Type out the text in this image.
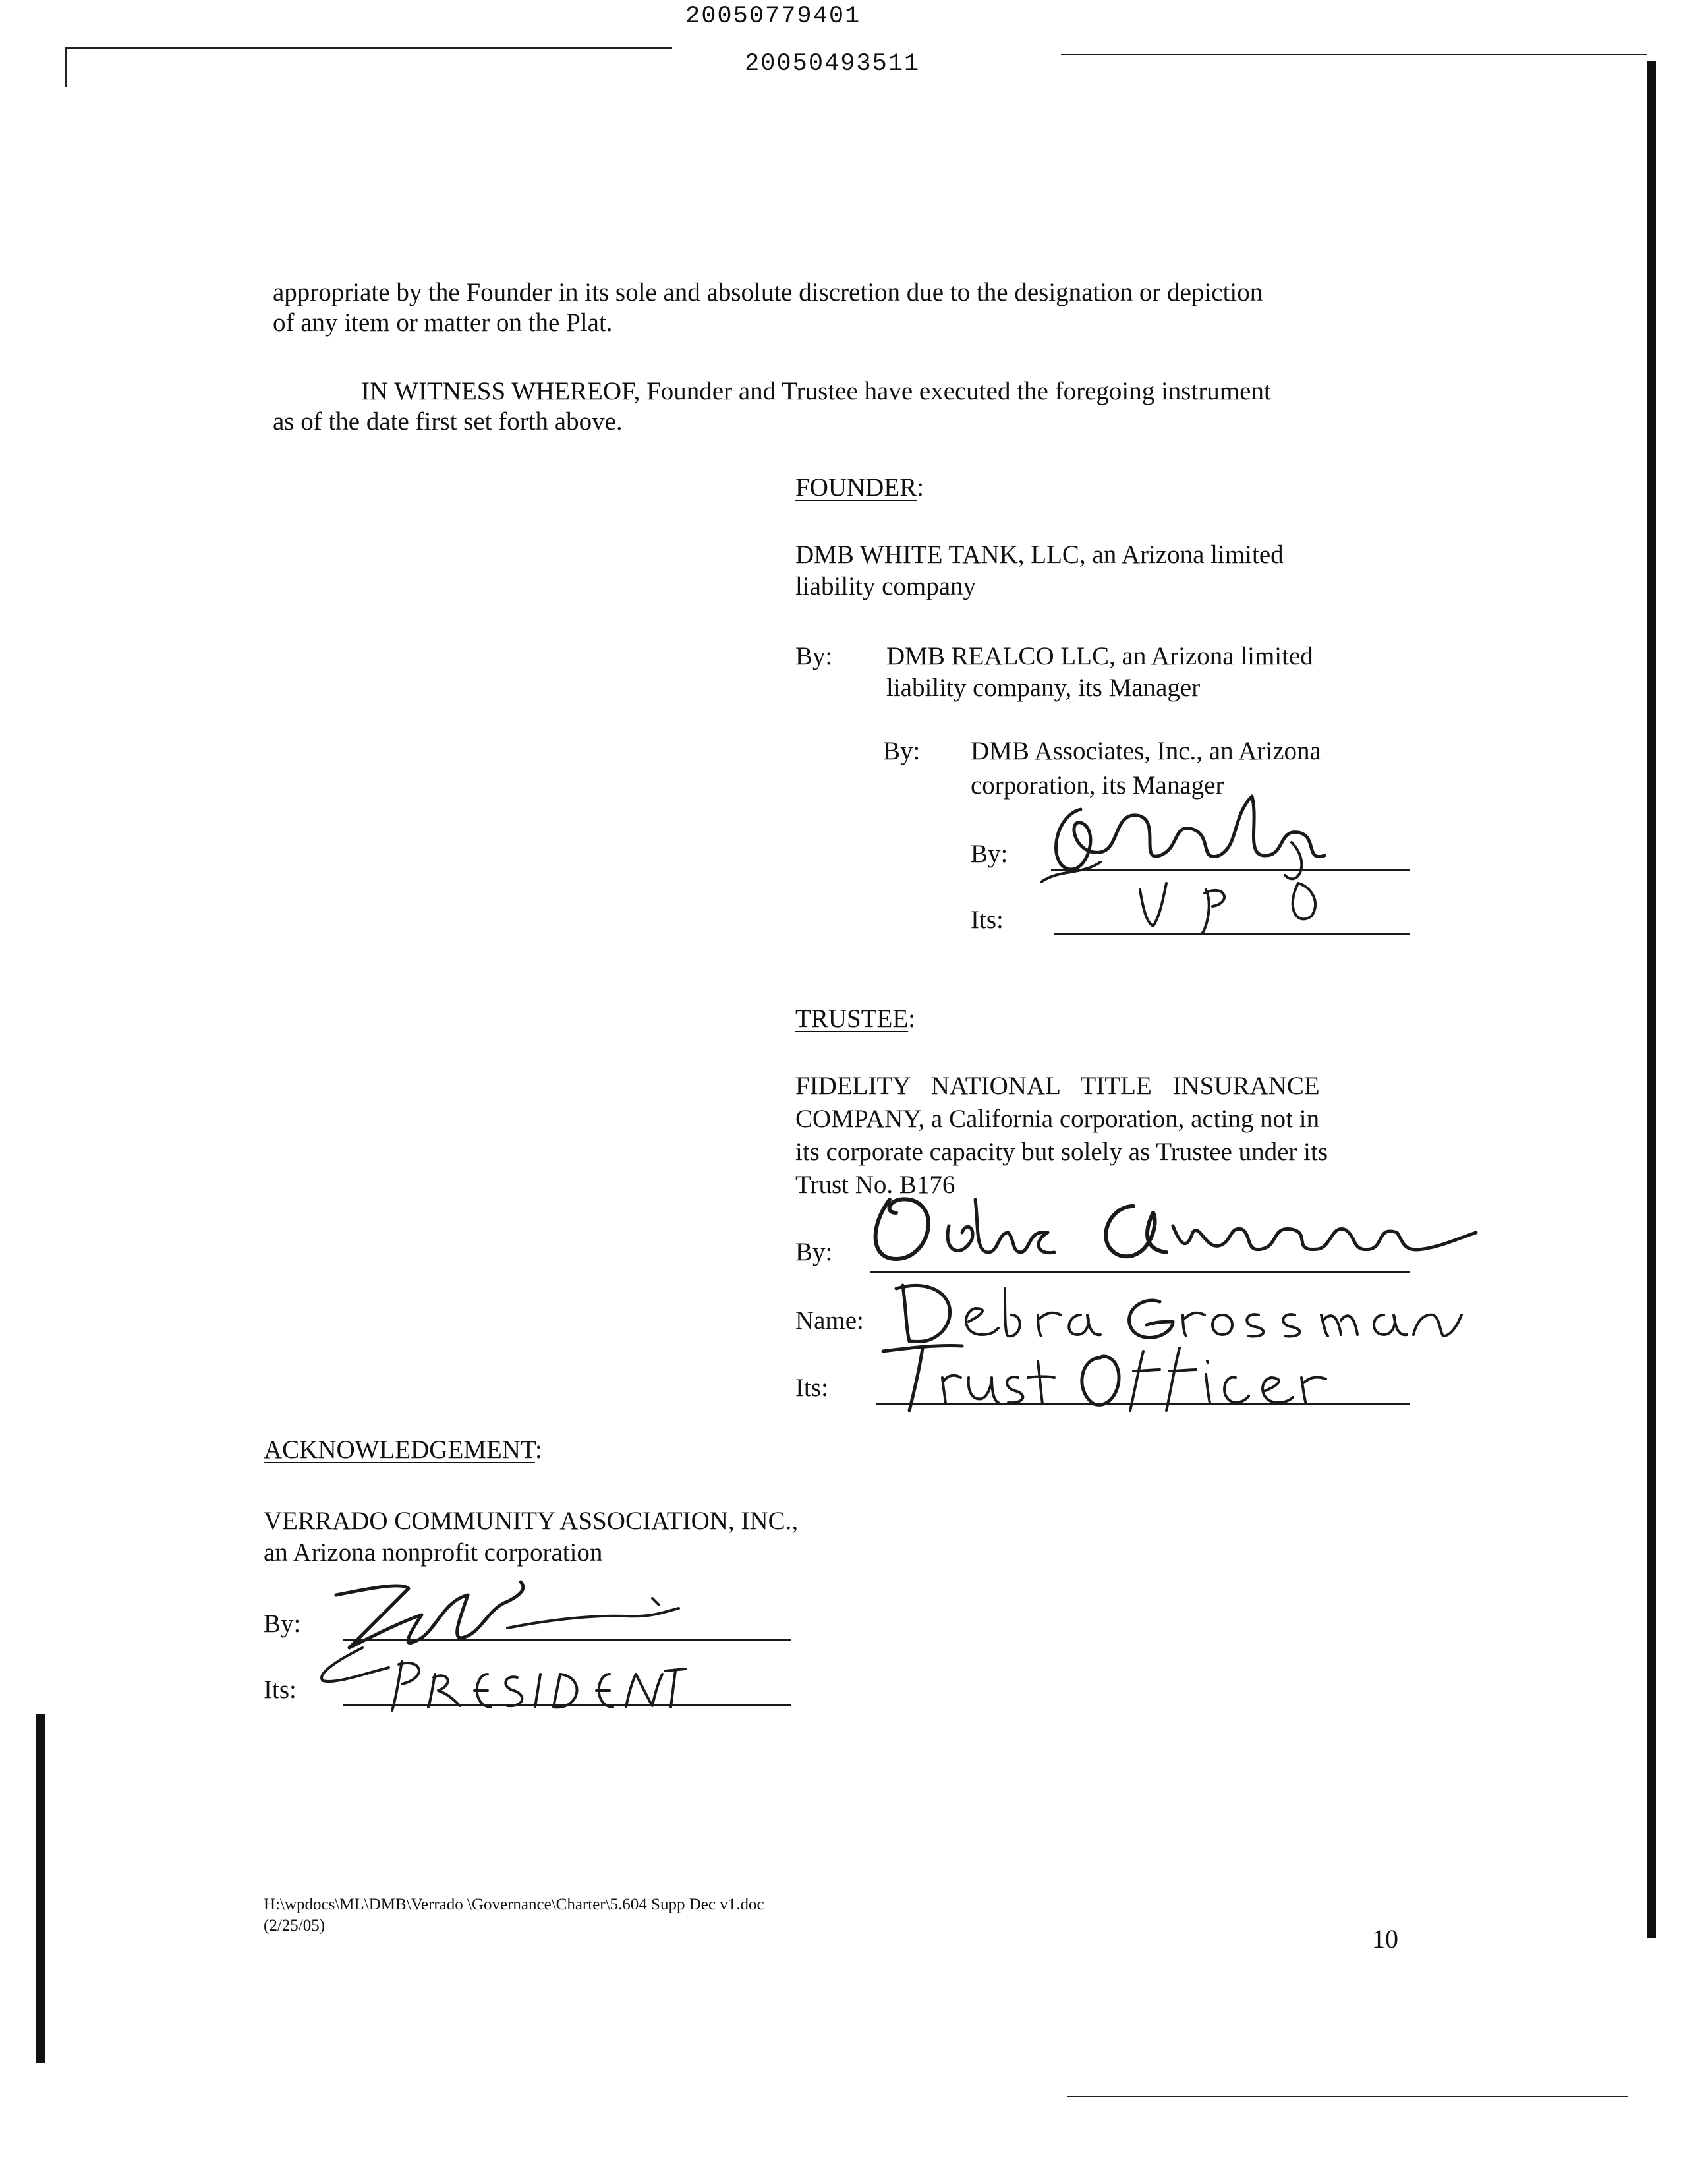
20050779401
20050493511
appropriate by the Founder in its sole and absolute discretion due to the designation or depiction
of any item or matter on the Plat.
IN WITNESS WHEREOF, Founder and Trustee have executed the foregoing instrument
as of the date first set forth above.
FOUNDER:
DMB WHITE TANK, LLC, an Arizona limited
liability company
By: DMB REALCO LLC, an Arizona limited
liability company, its Manager
By: DMB Associates, Inc., an Arizona
corporation, its Manager
By:
Its:
TRUSTEE:
FIDELITY NATIONAL TITLE INSURANCE
COMPANY, a California corporation, acting not in
its corporate capacity but solely as Trustee under its
Trust No. B176
By:
Name:
Its:
ACKNOWLEDGEMENT:
VERRADO COMMUNITY ASSOCIATION, INC.,
an Arizona nonprofit corporation
By:
Its:
H:\wpdocs\ML\DMB\Verrado \Governance\Charter\5.604 Supp Dec v1.doc
(2/25/05)	10
